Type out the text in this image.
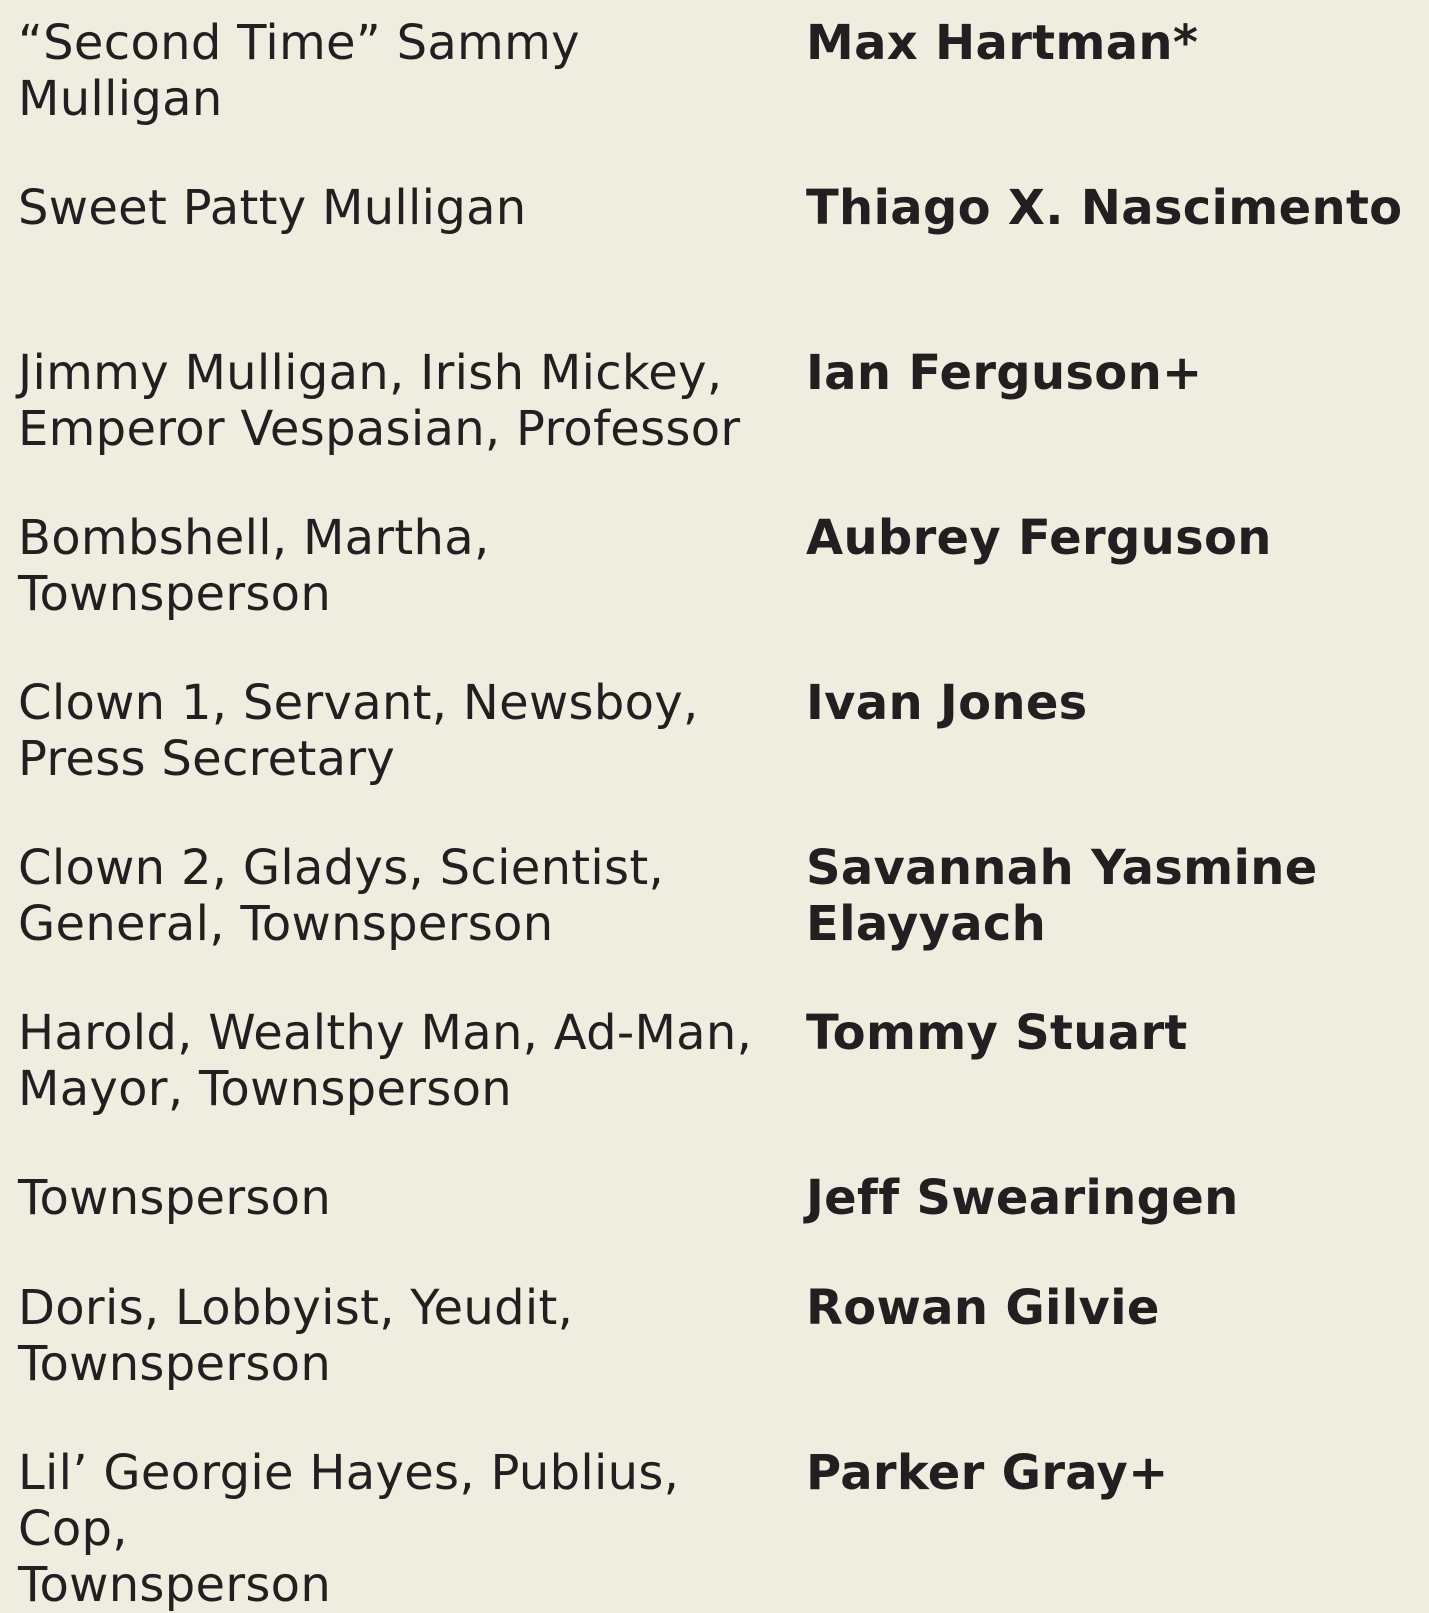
“Second Time” Sammy
Mulligan
Max Hartman*
Sweet Patty Mulligan	Thiago X. Nascimento
Jimmy Mulligan, Irish Mickey,
Emperor Vespasian, Professor
Ian Ferguson+
Bombshell, Martha,
Townsperson
Aubrey Ferguson
Clown 1, Servant, Newsboy,
Press Secretary
Ivan Jones
Clown 2, Gladys, Scientist,
General, Townsperson
Savannah Yasmine
Elayyach
Harold, Wealthy Man, Ad-Man,
Mayor, Townsperson
Tommy Stuart
Townsperson	Jeff Swearingen
Doris, Lobbyist, Yeudit,
Townsperson
Rowan Gilvie
Lil’ Georgie Hayes, Publius, Cop,
Townsperson
Parker Gray+
